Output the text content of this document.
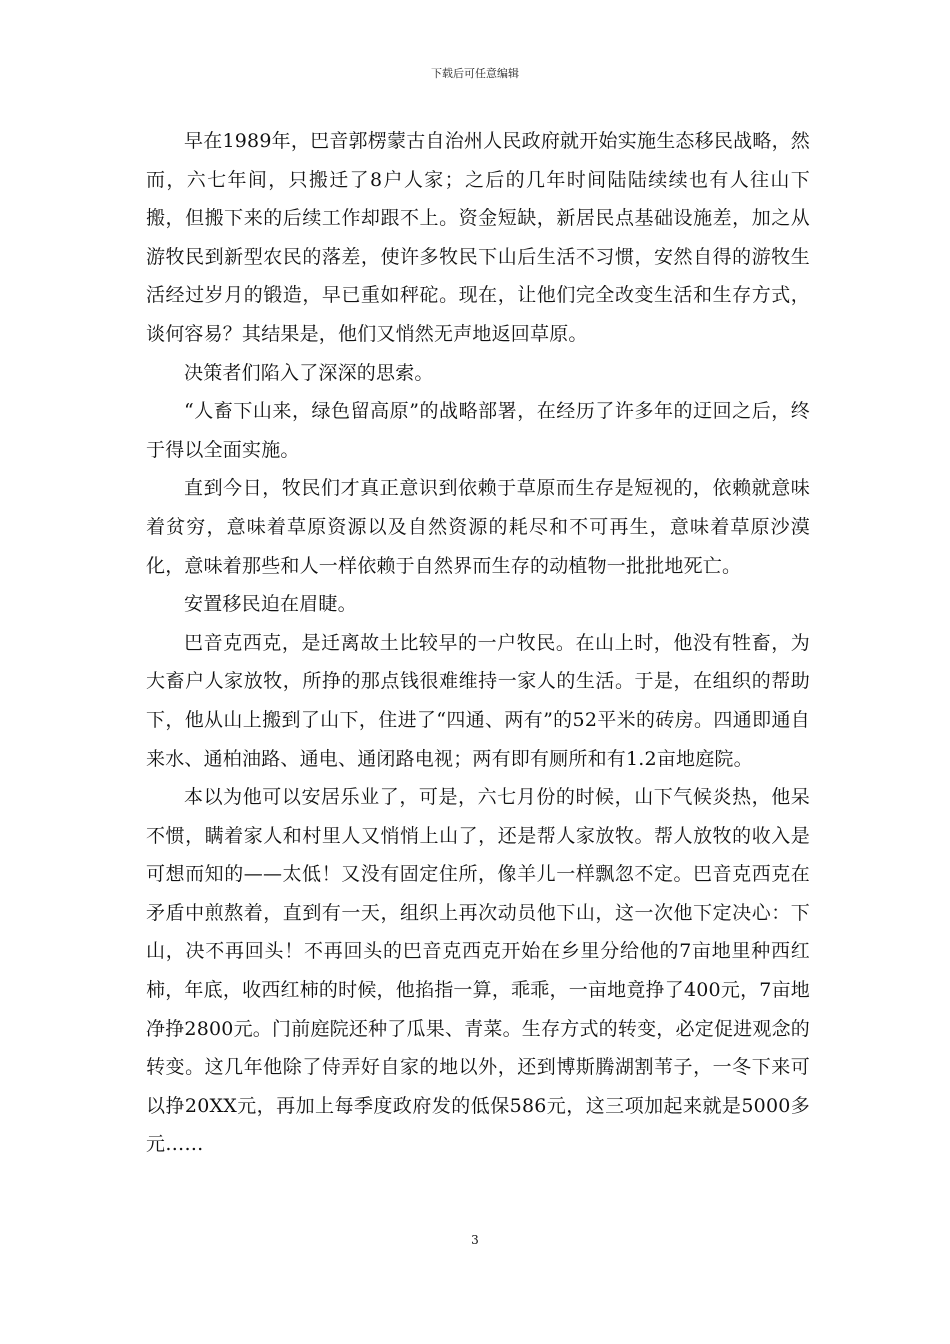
下载后可任意编辑

早在1989年，巴音郭楞蒙古自治州人民政府就开始实施生态移民战略，然而，六七年间，只搬迁了8户人家；之后的几年时间陆陆续续也有人往山下搬，但搬下来的后续工作却跟不上。资金短缺，新居民点基础设施差，加之从游牧民到新型农民的落差，使许多牧民下山后生活不习惯，安然自得的游牧生活经过岁月的锻造，早已重如秤砣。现在，让他们完全改变生活和生存方式，谈何容易？其结果是，他们又悄然无声地返回草原。

决策者们陷入了深深的思索。

“人畜下山来，绿色留高原”的战略部署，在经历了许多年的迂回之后，终于得以全面实施。

直到今日，牧民们才真正意识到依赖于草原而生存是短视的，依赖就意味着贫穷，意味着草原资源以及自然资源的耗尽和不可再生，意味着草原沙漠化，意味着那些和人一样依赖于自然界而生存的动植物一批批地死亡。

安置移民迫在眉睫。

巴音克西克，是迁离故土比较早的一户牧民。在山上时，他没有牲畜，为大畜户人家放牧，所挣的那点钱很难维持一家人的生活。于是，在组织的帮助下，他从山上搬到了山下，住进了“四通、两有”的52平米的砖房。四通即通自来水、通柏油路、通电、通闭路电视；两有即有厕所和有1.2亩地庭院。

本以为他可以安居乐业了，可是，六七月份的时候，山下气候炎热，他呆不惯，瞒着家人和村里人又悄悄上山了，还是帮人家放牧。帮人放牧的收入是可想而知的——太低！又没有固定住所，像羊儿一样飘忽不定。巴音克西克在矛盾中煎熬着，直到有一天，组织上再次动员他下山，这一次他下定决心：下山，决不再回头！不再回头的巴音克西克开始在乡里分给他的7亩地里种西红柿，年底，收西红柿的时候，他掐指一算，乖乖，一亩地竟挣了400元，7亩地净挣2800元。门前庭院还种了瓜果、青菜。生存方式的转变，必定促进观念的转变。这几年他除了侍弄好自家的地以外，还到博斯腾湖割苇子，一冬下来可以挣20XX元，再加上每季度政府发的低保586元，这三项加起来就是5000多元……

3
